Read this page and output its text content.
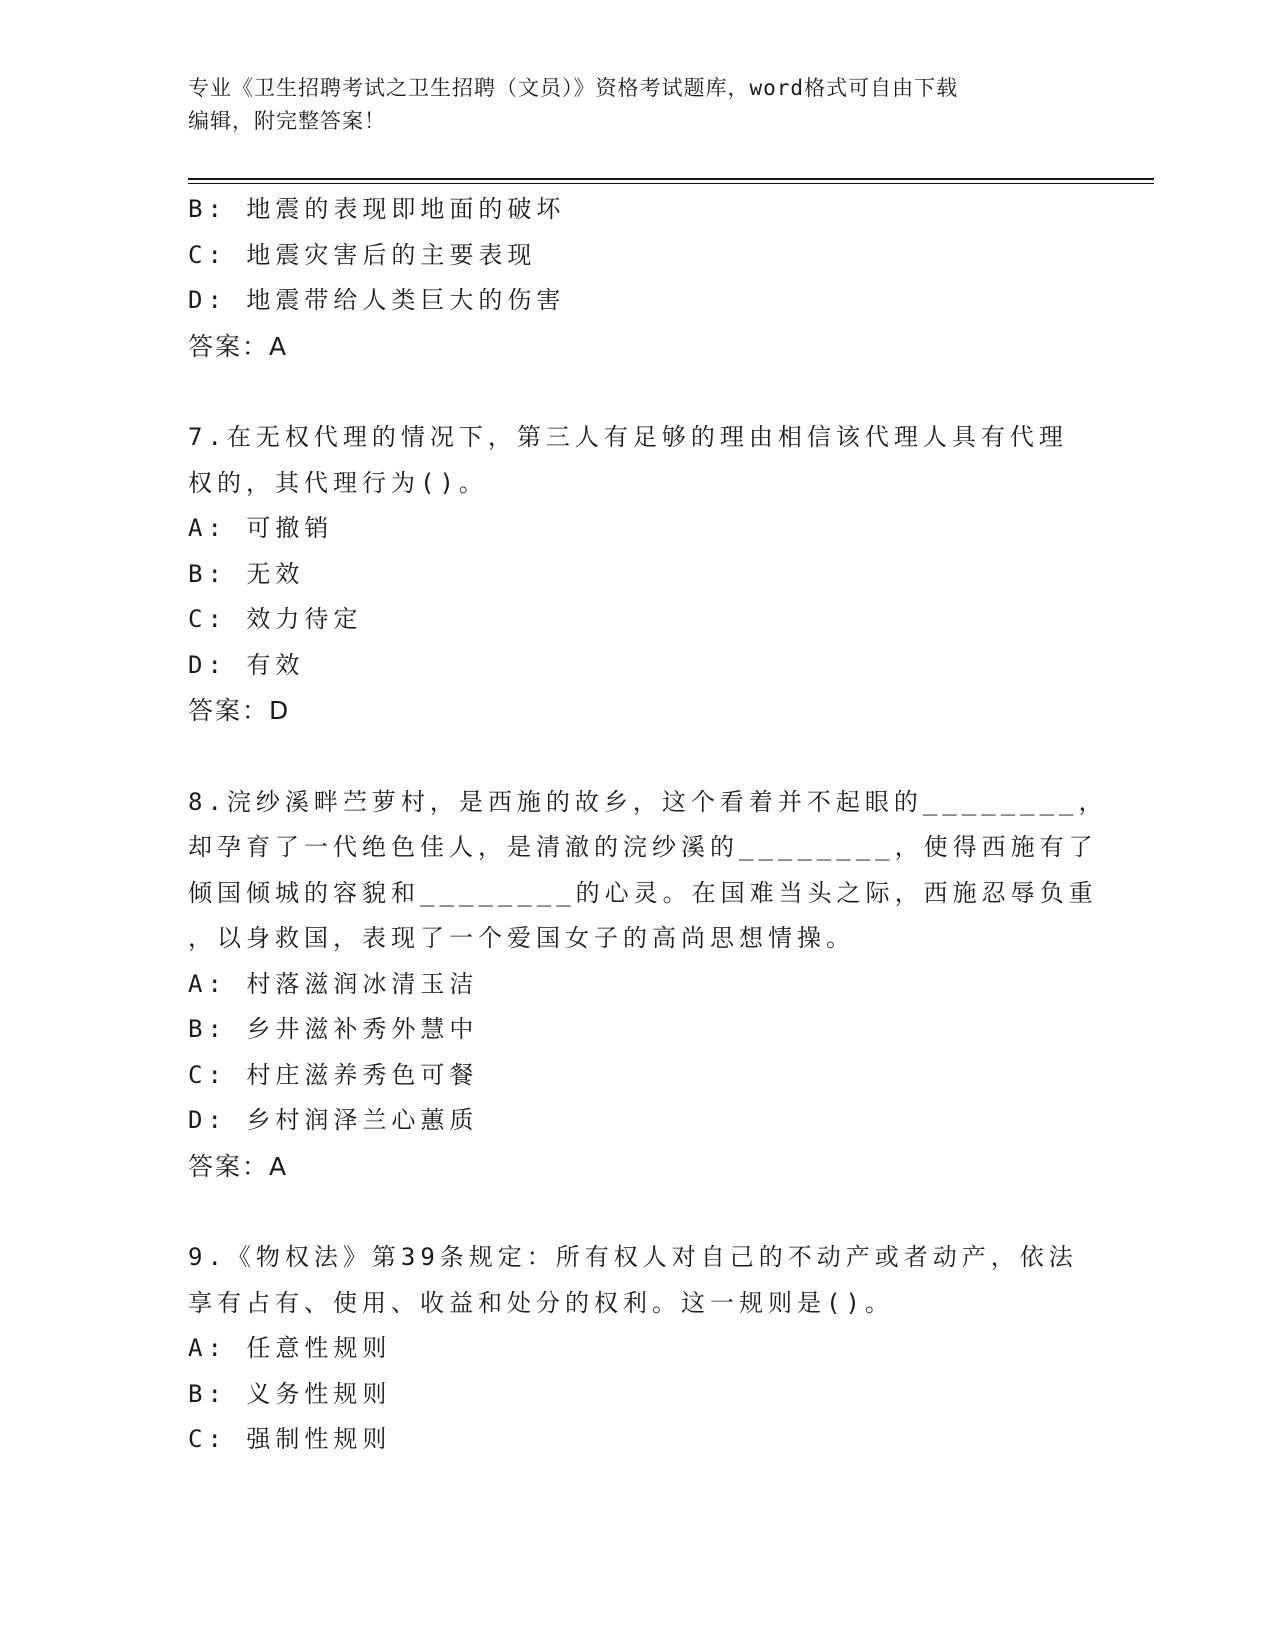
专业《卫生招聘考试之卫生招聘（文员）》资格考试题库，word格式可自由下载
编辑，附完整答案！
B: 地震的表现即地面的破坏
C: 地震灾害后的主要表现
D: 地震带给人类巨大的伤害
答案：A
7.在无权代理的情况下，第三人有足够的理由相信该代理人具有代理
权的，其代理行为()。
A: 可撤销
B: 无效
C: 效力待定
D: 有效
答案：D
8.浣纱溪畔苎萝村，是西施的故乡，这个看着并不起眼的________，
却孕育了一代绝色佳人，是清澈的浣纱溪的________，使得西施有了
倾国倾城的容貌和________的心灵。在国难当头之际，西施忍辱负重
，以身救国，表现了一个爱国女子的高尚思想情操。
A: 村落滋润冰清玉洁
B: 乡井滋补秀外慧中
C: 村庄滋养秀色可餐
D: 乡村润泽兰心蕙质
答案：A
9.《物权法》第39条规定：所有权人对自己的不动产或者动产，依法
享有占有、使用、收益和处分的权利。这一规则是()。
A: 任意性规则
B: 义务性规则
C: 强制性规则
